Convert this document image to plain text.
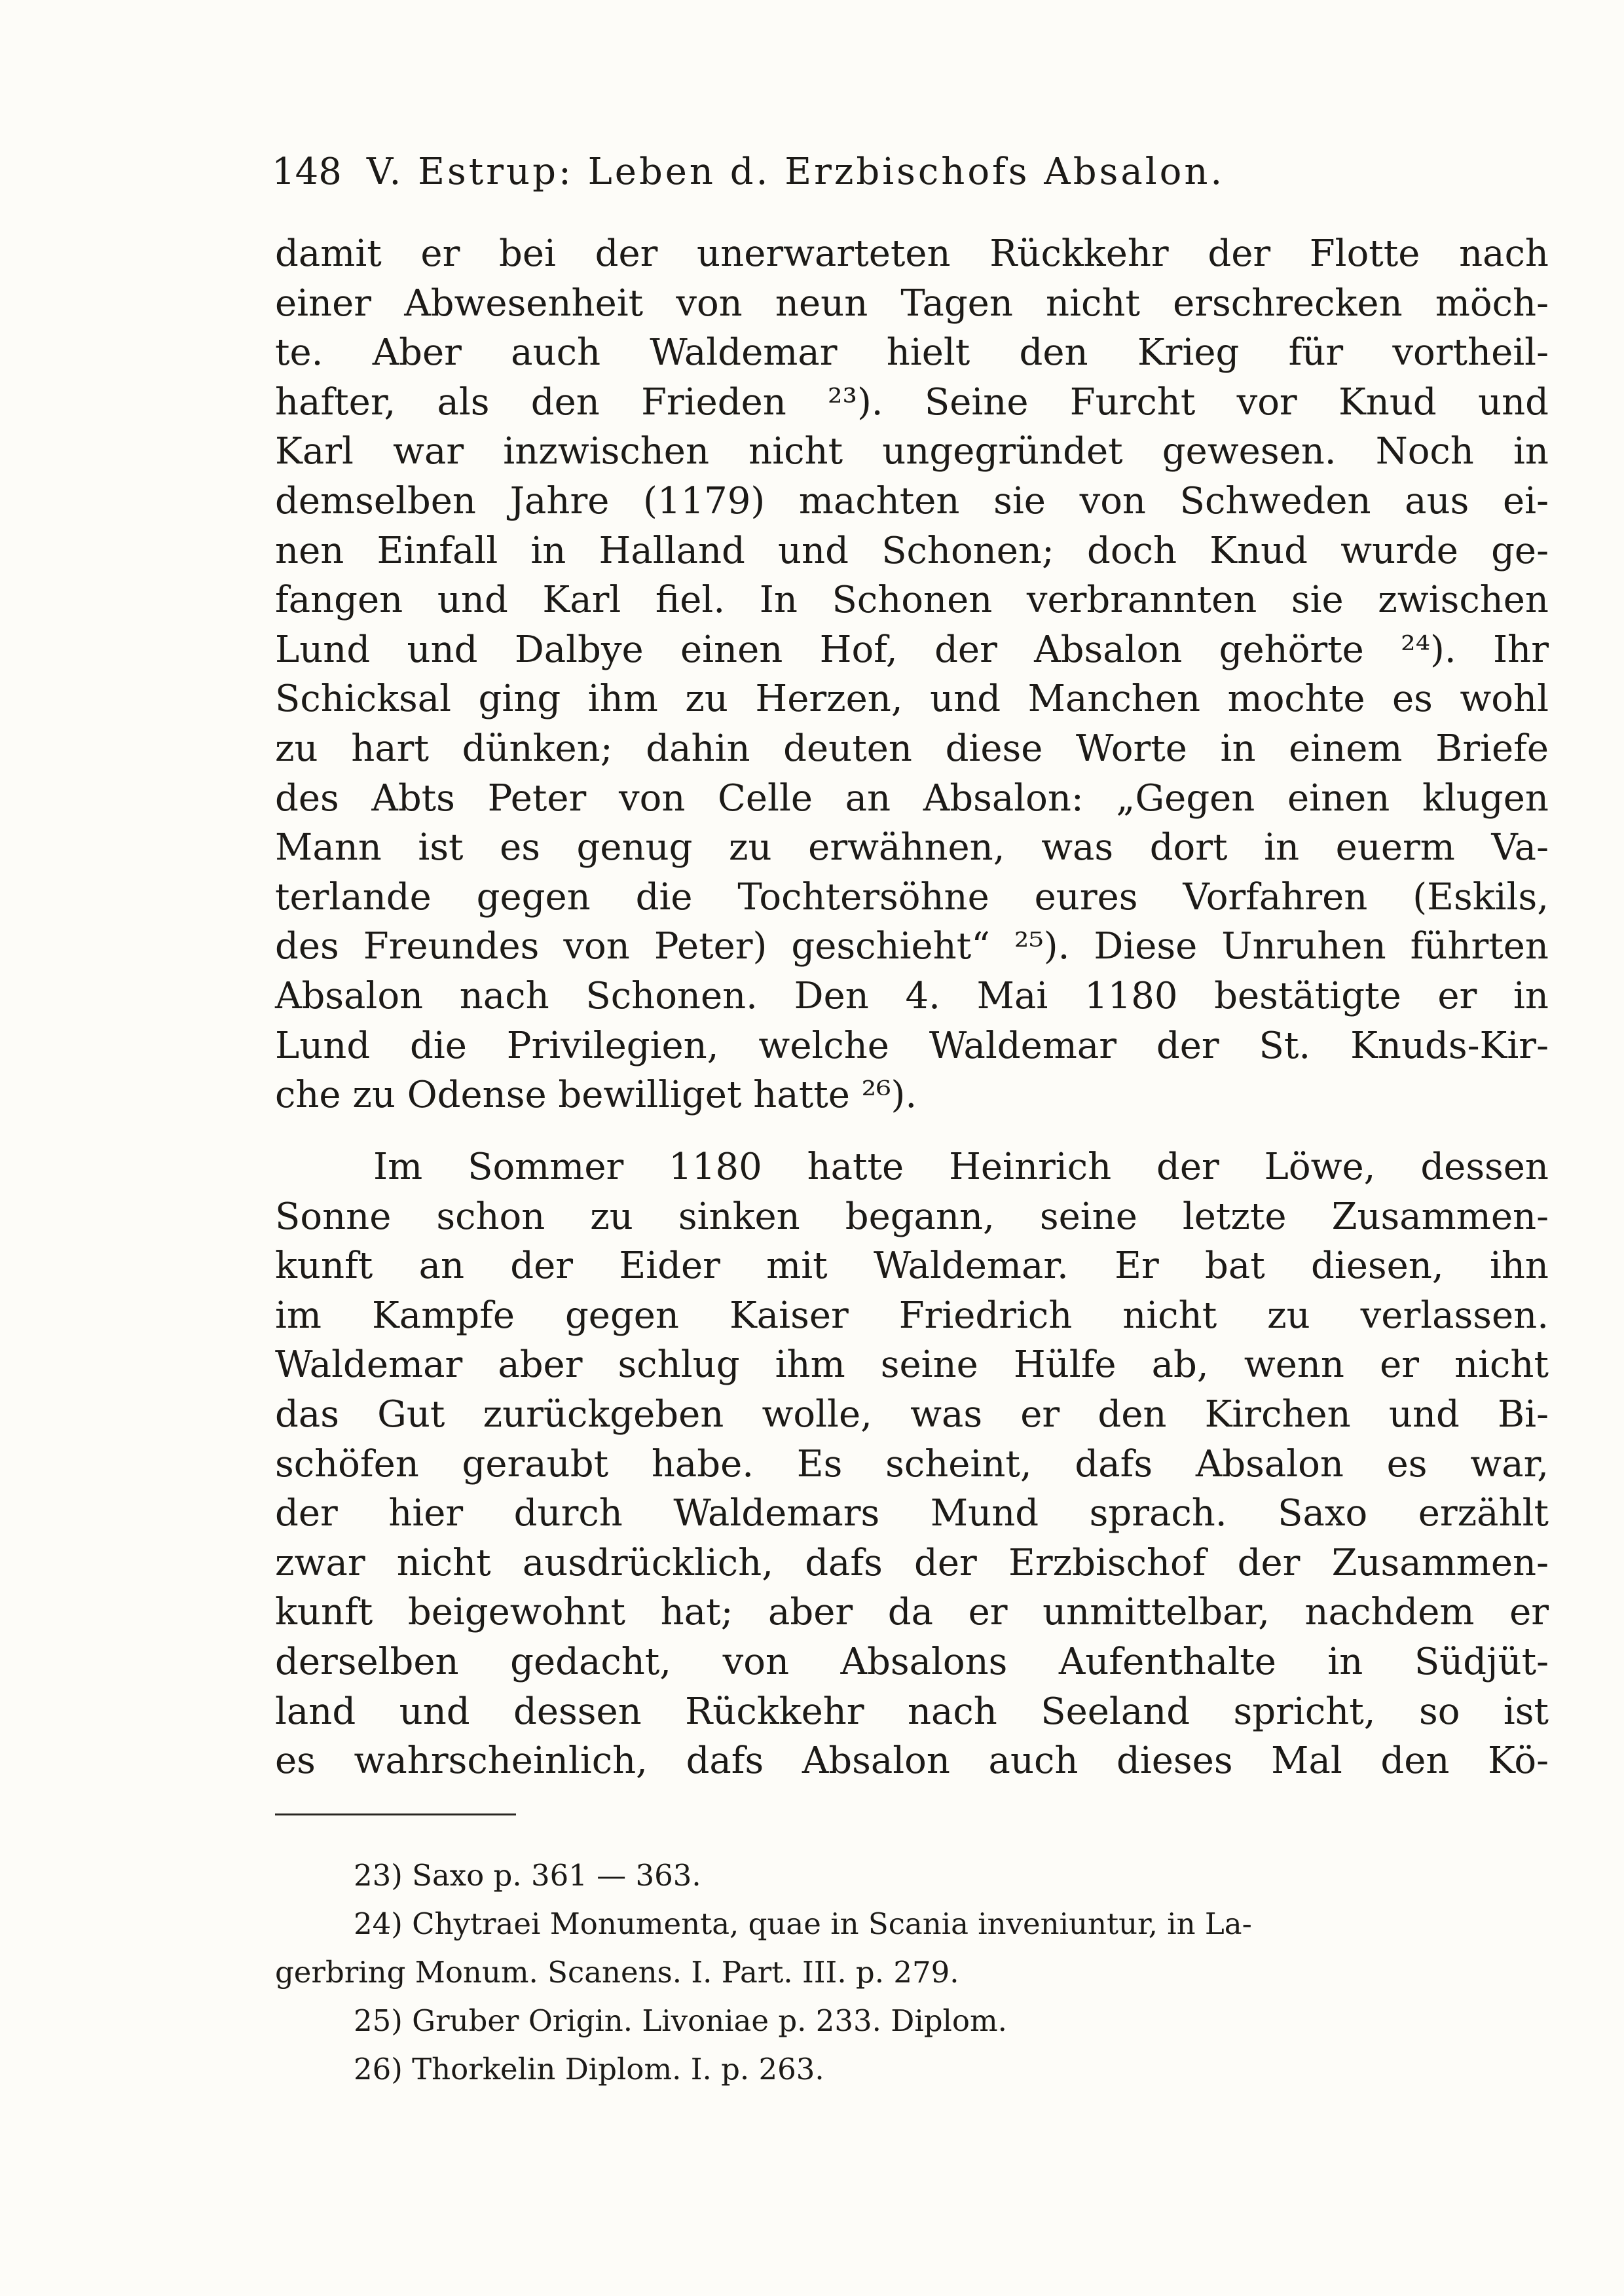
148 V. Estrup: Leben d. Erzbischofs Absalon.
damit er bei der unerwarteten Rückkehr der Flotte nach
einer Abwesenheit von neun Tagen nicht erschrecken möch-
te. Aber auch Waldemar hielt den Krieg für vortheil-
hafter, als den Frieden ²³). Seine Furcht vor Knud und
Karl war inzwischen nicht ungegründet gewesen. Noch in
demselben Jahre (1179) machten sie von Schweden aus ei-
nen Einfall in Halland und Schonen; doch Knud wurde ge-
fangen und Karl fiel. In Schonen verbrannten sie zwischen
Lund und Dalbye einen Hof, der Absalon gehörte ²⁴). Ihr
Schicksal ging ihm zu Herzen, und Manchen mochte es wohl
zu hart dünken; dahin deuten diese Worte in einem Briefe
des Abts Peter von Celle an Absalon: „Gegen einen klugen
Mann ist es genug zu erwähnen, was dort in euerm Va-
terlande gegen die Tochtersöhne eures Vorfahren (Eskils,
des Freundes von Peter) geschieht“ ²⁵). Diese Unruhen führten
Absalon nach Schonen. Den 4. Mai 1180 bestätigte er in
Lund die Privilegien, welche Waldemar der St. Knuds-Kir-
che zu Odense bewilliget hatte ²⁶).
Im Sommer 1180 hatte Heinrich der Löwe, dessen
Sonne schon zu sinken begann, seine letzte Zusammen-
kunft an der Eider mit Waldemar. Er bat diesen, ihn
im Kampfe gegen Kaiser Friedrich nicht zu verlassen.
Waldemar aber schlug ihm seine Hülfe ab, wenn er nicht
das Gut zurückgeben wolle, was er den Kirchen und Bi-
schöfen geraubt habe. Es scheint, dafs Absalon es war,
der hier durch Waldemars Mund sprach. Saxo erzählt
zwar nicht ausdrücklich, dafs der Erzbischof der Zusammen-
kunft beigewohnt hat; aber da er unmittelbar, nachdem er
derselben gedacht, von Absalons Aufenthalte in Südjüt-
land und dessen Rückkehr nach Seeland spricht, so ist
es wahrscheinlich, dafs Absalon auch dieses Mal den Kö-
23) Saxo p. 361 — 363.
24) Chytraei Monumenta, quae in Scania inveniuntur, in La-
gerbring Monum. Scanens. I. Part. III. p. 279.
25) Gruber Origin. Livoniae p. 233. Diplom.
26) Thorkelin Diplom. I. p. 263.
